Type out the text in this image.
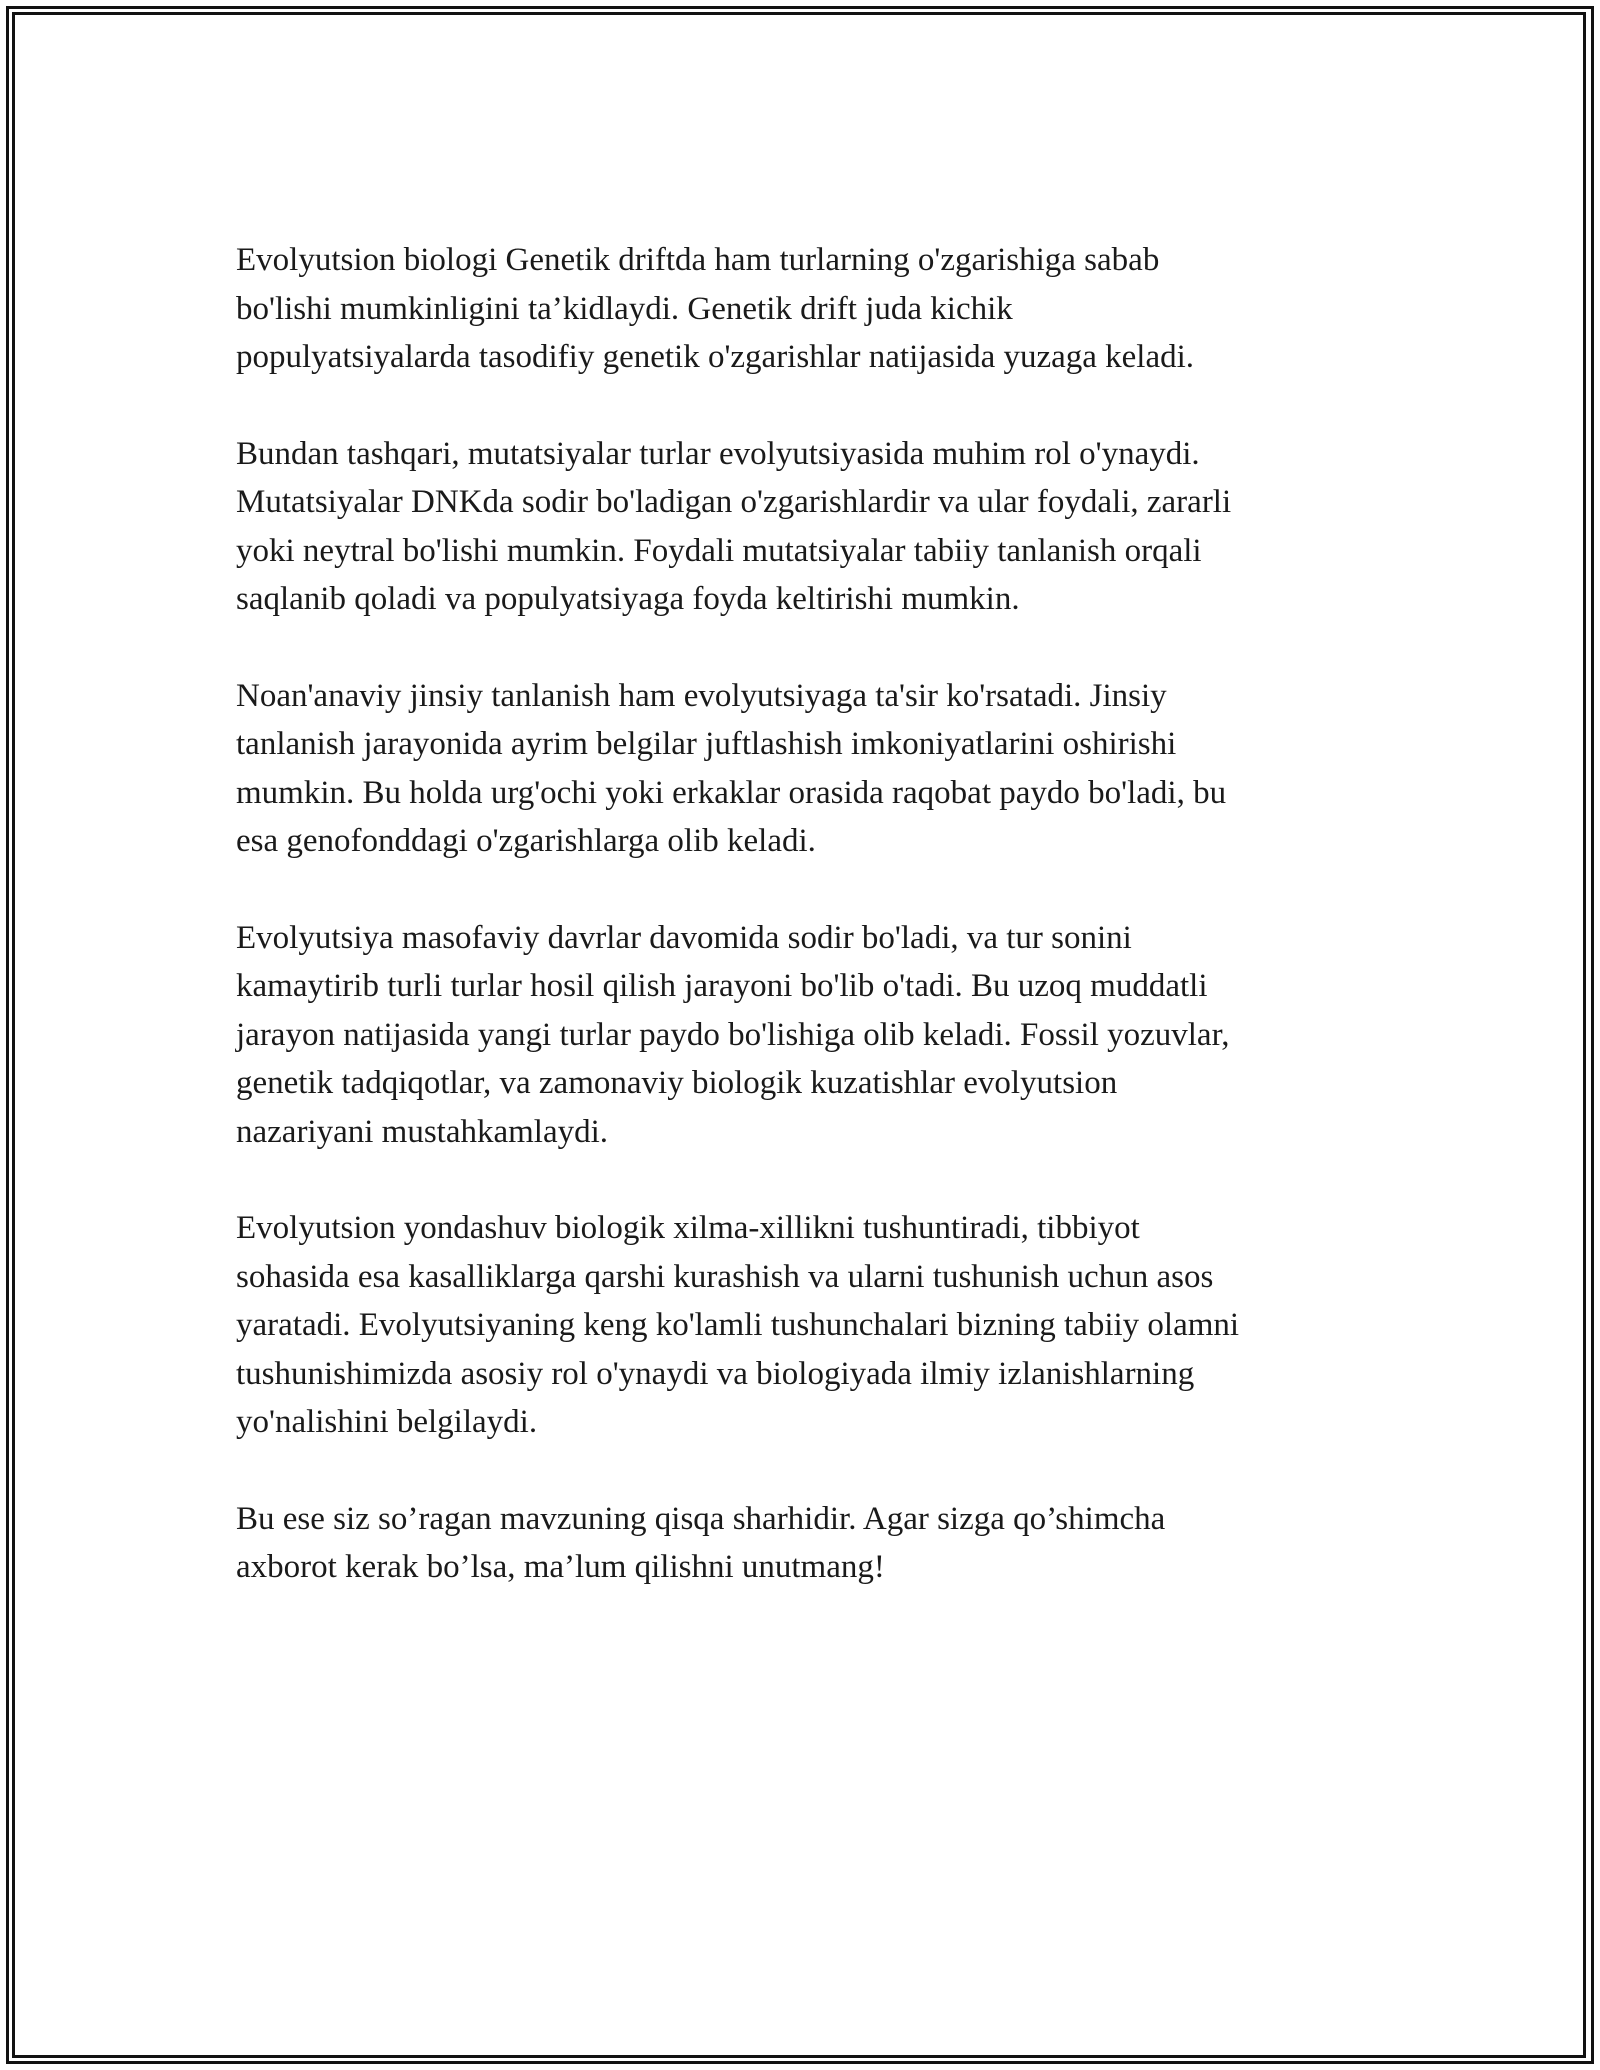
Evolyutsion biologi Genetik driftda ham turlarning o'zgarishiga sabab
bo'lishi mumkinligini ta’kidlaydi. Genetik drift juda kichik
populyatsiyalarda tasodifiy genetik o'zgarishlar natijasida yuzaga keladi.

Bundan tashqari, mutatsiyalar turlar evolyutsiyasida muhim rol o'ynaydi.
Mutatsiyalar DNKda sodir bo'ladigan o'zgarishlardir va ular foydali, zararli
yoki neytral bo'lishi mumkin. Foydali mutatsiyalar tabiiy tanlanish orqali
saqlanib qoladi va populyatsiyaga foyda keltirishi mumkin.

Noan'anaviy jinsiy tanlanish ham evolyutsiyaga ta'sir ko'rsatadi. Jinsiy
tanlanish jarayonida ayrim belgilar juftlashish imkoniyatlarini oshirishi
mumkin. Bu holda urg'ochi yoki erkaklar orasida raqobat paydo bo'ladi, bu
esa genofonddagi o'zgarishlarga olib keladi.

Evolyutsiya masofaviy davrlar davomida sodir bo'ladi, va tur sonini
kamaytirib turli turlar hosil qilish jarayoni bo'lib o'tadi. Bu uzoq muddatli
jarayon natijasida yangi turlar paydo bo'lishiga olib keladi. Fossil yozuvlar,
genetik tadqiqotlar, va zamonaviy biologik kuzatishlar evolyutsion
nazariyani mustahkamlaydi.

Evolyutsion yondashuv biologik xilma-xillikni tushuntiradi, tibbiyot
sohasida esa kasalliklarga qarshi kurashish va ularni tushunish uchun asos
yaratadi. Evolyutsiyaning keng ko'lamli tushunchalari bizning tabiiy olamni
tushunishimizda asosiy rol o'ynaydi va biologiyada ilmiy izlanishlarning
yo'nalishini belgilaydi.

Bu ese siz so’ragan mavzuning qisqa sharhidir. Agar sizga qo’shimcha
axborot kerak bo’lsa, ma’lum qilishni unutmang!
